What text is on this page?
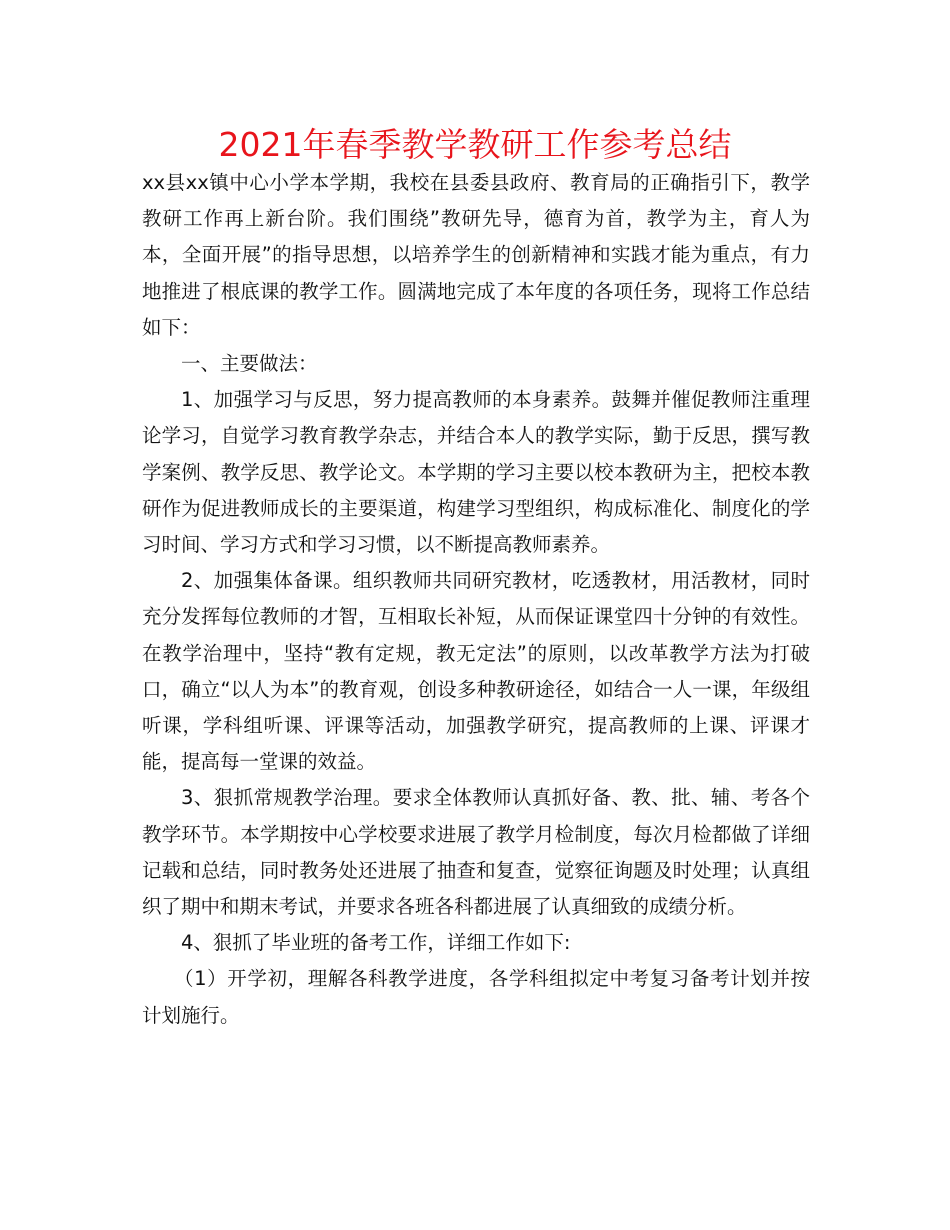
2021年春季教学教研工作参考总结

xx县xx镇中心小学本学期，我校在县委县政府、教育局的正确指引下，教学教研工作再上新台阶。我们围绕”教研先导，德育为首，教学为主，育人为本，全面开展”的指导思想，以培养学生的创新精神和实践才能为重点，有力地推进了根底课的教学工作。圆满地完成了本年度的各项任务，现将工作总结如下：

一、主要做法：

1、加强学习与反思，努力提高教师的本身素养。鼓舞并催促教师注重理论学习，自觉学习教育教学杂志，并结合本人的教学实际，勤于反思，撰写教学案例、教学反思、教学论文。本学期的学习主要以校本教研为主，把校本教研作为促进教师成长的主要渠道，构建学习型组织，构成标准化、制度化的学习时间、学习方式和学习习惯，以不断提高教师素养。

2、加强集体备课。组织教师共同研究教材，吃透教材，用活教材，同时充分发挥每位教师的才智，互相取长补短，从而保证课堂四十分钟的有效性。在教学治理中，坚持“教有定规，教无定法”的原则，以改革教学方法为打破口，确立“以人为本”的教育观，创设多种教研途径，如结合一人一课，年级组听课，学科组听课、评课等活动，加强教学研究，提高教师的上课、评课才能，提高每一堂课的效益。

3、狠抓常规教学治理。要求全体教师认真抓好备、教、批、辅、考各个教学环节。本学期按中心学校要求进展了教学月检制度，每次月检都做了详细记载和总结，同时教务处还进展了抽查和复查，觉察征询题及时处理；认真组织了期中和期末考试，并要求各班各科都进展了认真细致的成绩分析。

4、狠抓了毕业班的备考工作，详细工作如下:

（1）开学初，理解各科教学进度，各学科组拟定中考复习备考计划并按计划施行。
